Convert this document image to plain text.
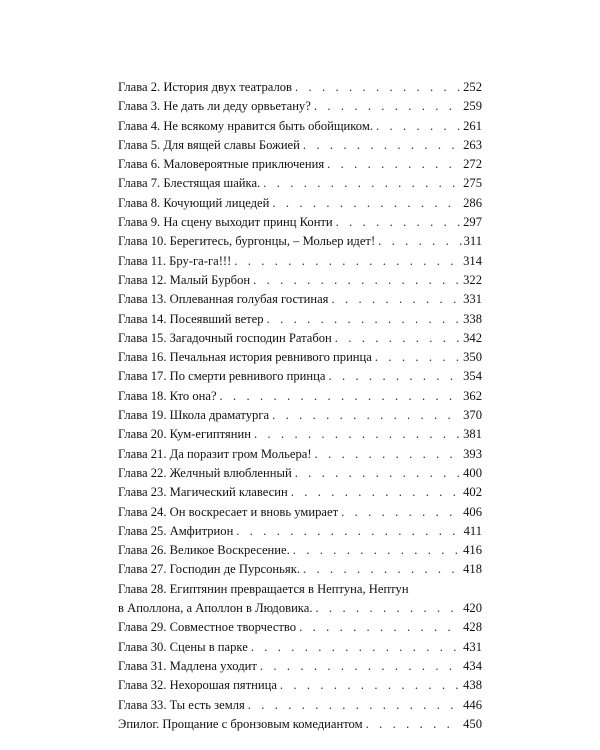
Глава 2. История двух театралов . . .	252
Глава 3. Не дать ли деду орвьетану? . . .	259
Глава 4. Не всякому нравится быть обойщиком. . . .	261
Глава 5. Для вящей славы Божией . . .	263
Глава 6. Маловероятные приключения . . .	272
Глава 7. Блестящая шайка. . . .	275
Глава 8. Кочующий лицедей . . .	286
Глава 9. На сцену выходит принц Конти . . .	297
Глава 10. Берегитесь, бургонцы, – Мольер идет! . . .	311
Глава 11. Бру-га-га!!! . . .	314
Глава 12. Малый Бурбон . . .	322
Глава 13. Оплеванная голубая гостиная . . .	331
Глава 14. Посеявший ветер . . .	338
Глава 15. Загадочный господин Ратабон . . .	342
Глава 16. Печальная история ревнивого принца . . .	350
Глава 17. По смерти ревнивого принца . . .	354
Глава 18. Кто она? . . .	362
Глава 19. Школа драматурга . . .	370
Глава 20. Кум-египтянин . . .	381
Глава 21. Да поразит гром Мольера! . . .	393
Глава 22. Желчный влюбленный . . .	400
Глава 23. Магический клавесин . . .	402
Глава 24. Он воскресает и вновь умирает . . .	406
Глава 25. Амфитрион . . .	411
Глава 26. Великое Воскресение. . . .	416
Глава 27. Господин де Пурсоньяк. . . .	418
Глава 28. Египтянин превращается в Нептуна, Нептун
в Аполлона, а Аполлон в Людовика. . . .	420
Глава 29. Совместное творчество . . .	428
Глава 30. Сцены в парке . . .	431
Глава 31. Мадлена уходит . . .	434
Глава 32. Нехорошая пятница . . .	438
Глава 33. Ты есть земля . . .	446
Эпилог. Прощание с бронзовым комедиантом . . .	450
